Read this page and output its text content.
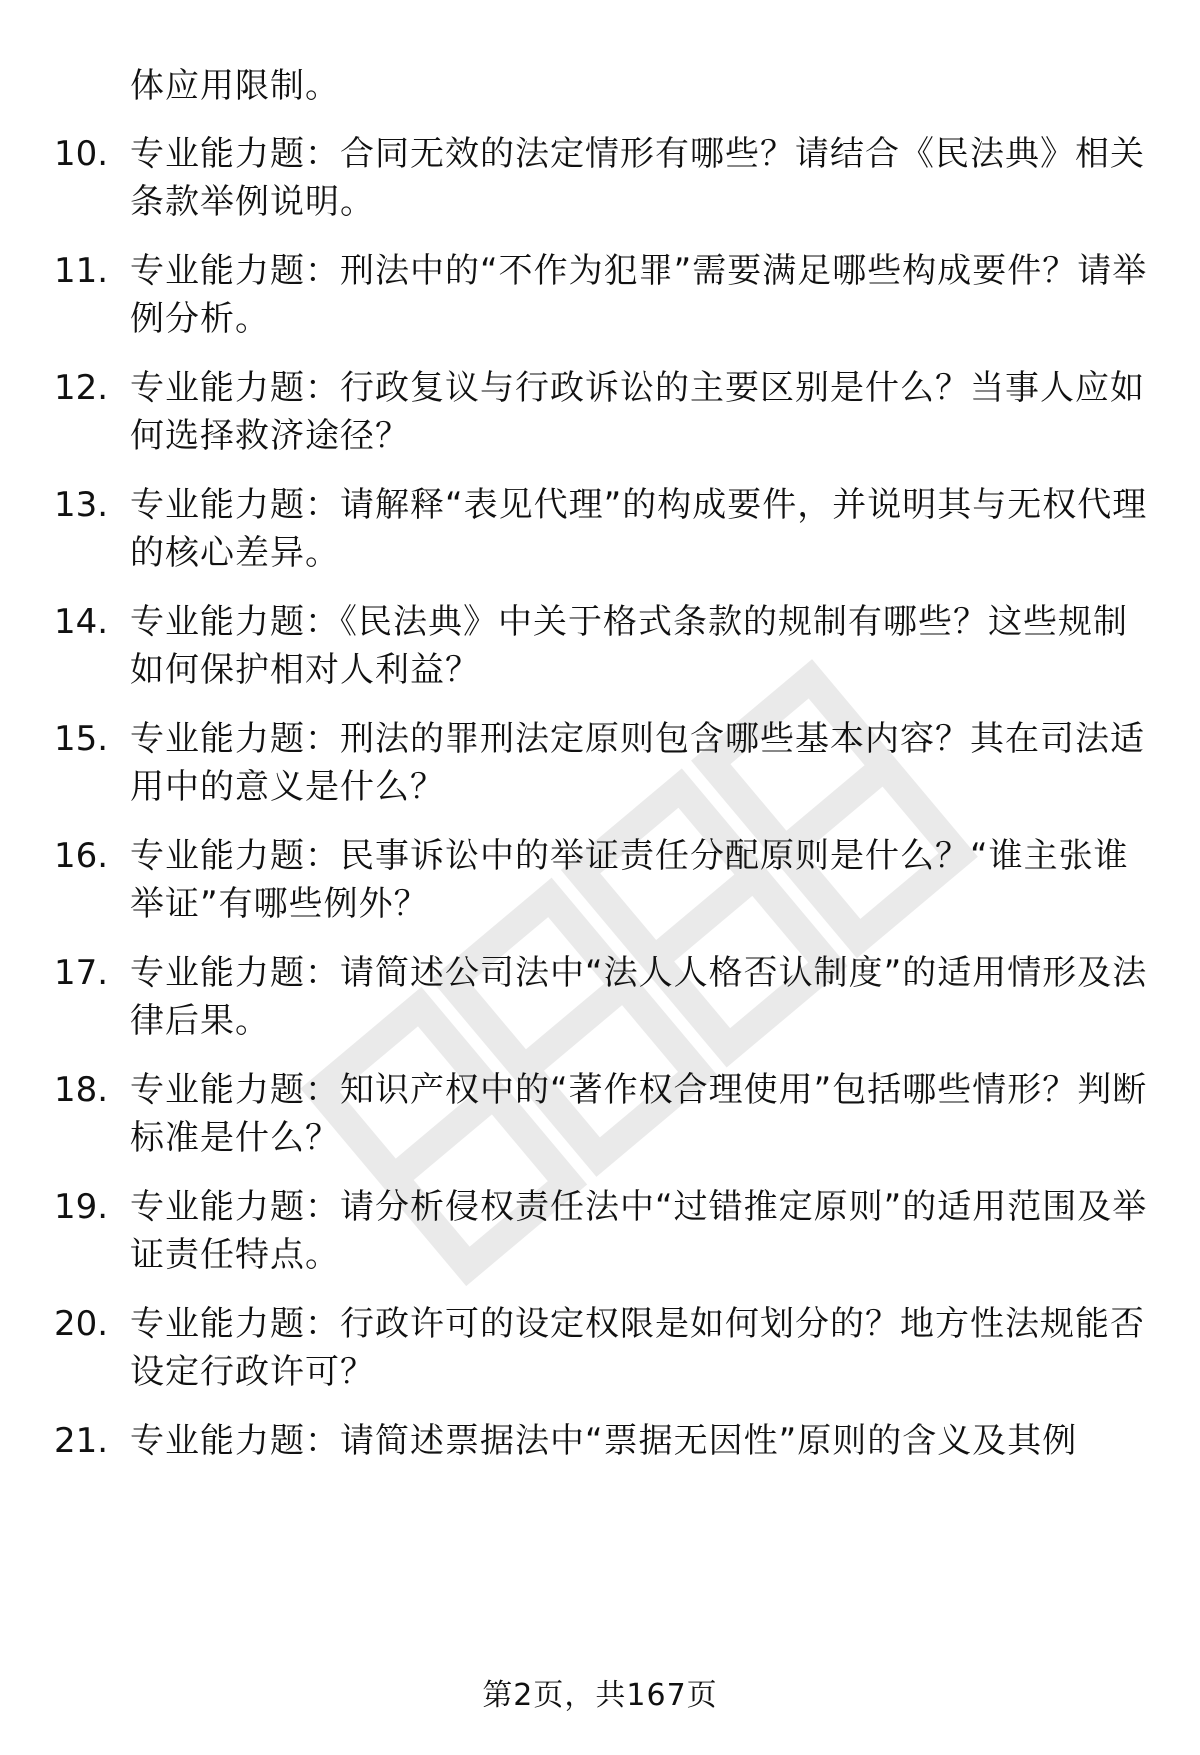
体应用限制。
10. 专业能力题：合同无效的法定情形有哪些？请结合《民法典》相关条款举例说明。
11. 专业能力题：刑法中的“不作为犯罪”需要满足哪些构成要件？请举例分析。
12. 专业能力题：行政复议与行政诉讼的主要区别是什么？当事人应如何选择救济途径？
13. 专业能力题：请解释“表见代理”的构成要件，并说明其与无权代理的核心差异。
14. 专业能力题：《民法典》中关于格式条款的规制有哪些？这些规制如何保护相对人利益？
15. 专业能力题：刑法的罪刑法定原则包含哪些基本内容？其在司法适用中的意义是什么？
16. 专业能力题：民事诉讼中的举证责任分配原则是什么？“谁主张谁举证”有哪些例外？
17. 专业能力题：请简述公司法中“法人人格否认制度”的适用情形及法律后果。
18. 专业能力题：知识产权中的“著作权合理使用”包括哪些情形？判断标准是什么？
19. 专业能力题：请分析侵权责任法中“过错推定原则”的适用范围及举证责任特点。
20. 专业能力题：行政许可的设定权限是如何划分的？地方性法规能否设定行政许可？
21. 专业能力题：请简述票据法中“票据无因性”原则的含义及其例
第2页，共167页
